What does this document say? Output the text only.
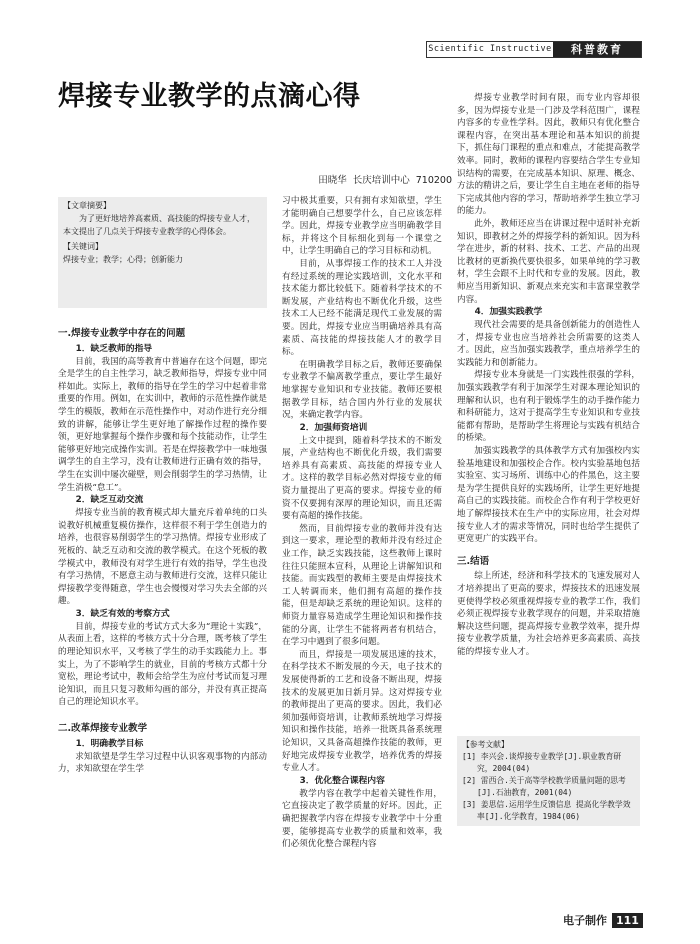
Scientific Instructive	科普教育
焊接专业教学的点滴心得
田晓华 长庆培训中心 710200

【文章摘要】

为了更好地培养高素质、高技能的焊接专业人才，本文提出了几点关于焊接专业教学的心得体会。

【关键词】

焊接专业；教学；心得；创新能力

一.焊接专业教学中存在的问题
1．缺乏教师的指导

目前，我国的高等教育中普遍存在这个问题，即完全是学生的自主性学习，缺乏教师指导，焊接专业中同样如此。实际上，教师的指导在学生的学习中起着非常重要的作用。例如，在实训中，教师的示范性操作就是学生的模版，教师在示范性操作中，对动作进行充分细致的讲解，能够让学生更好地了解操作过程的操作要领，更好地掌握每个操作步骤和每个技能动作，让学生能够更好地完成操作实训。若是在焊接教学中一味地强调学生的自主学习，没有让教师进行正确有效的指导，学生在实训中屡次碰壁，则会削弱学生的学习热情，让学生消极“怠工”。

2．缺乏互动交流

焊接专业当前的教育模式却大量充斥着单纯的口头说教好机械重复模仿操作，这样很不利于学生创造力的培养，也很容易削弱学生的学习热情。焊接专业形成了死板的、缺乏互动和交流的教学模式。在这个死板的教学模式中，教师没有对学生进行有效的指导，学生也没有学习热情，不愿意主动与教师进行交流，这样只能让焊接教学变得随意，学生也会慢慢对学习失去全部的兴趣。

3．缺乏有效的考察方式

目前，焊接专业的考试方式大多为“理论＋实践”，从表面上看，这样的考核方式十分合理，既考核了学生的理论知识水平，又考核了学生的动手实践能力上。事实上，为了不影响学生的就业，目前的考核方式都十分宽松，理论考试中，教师会给学生为应付考试而复习理论知识，而且只复习教师勾画的部分，并没有真正提高自己的理论知识水平。

二.改革焊接专业教学
1．明确教学目标

求知欲望是学生学习过程中认识客观事物的内部动力，求知欲望在学生学

习中极其重要，只有拥有求知欲望，学生才能明确自己想要学什么，自己应该怎样学。因此，焊接专业教学应当明确教学目标，并将这个目标细化到每一个课堂之中，让学生明确自己的学习目标和动机。

目前，从事焊接工作的技术工人并没有经过系统的理论实践培训，文化水平和技术能力都比较低下。随着科学技术的不断发展，产业结构也不断优化升级，这些技术工人已经不能满足现代工业发展的需要。因此，焊接专业应当明确培养具有高素质、高技能的焊接技能人才的教学目标。

在明确教学目标之后，教师还要确保专业教学不偏离教学重点，要让学生最好地掌握专业知识和专业技能。教师还要根据教学目标，结合国内外行业的发展状况，来确定教学内容。

2．加强师资培训

上文中提到，随着科学技术的不断发展，产业结构也不断优化升级，我们需要培养具有高素质、高技能的焊接专业人才。这样的教学目标必然对焊接专业的师资力量提出了更高的要求。焊接专业的师资不仅要拥有深厚的理论知识，而且还需要有高超的操作技能。

然而，目前焊接专业的教师并没有达到这一要求，理论型的教师并没有经过企业工作，缺乏实践技能，这些教师上课时往往只能照本宣科，从理论上讲解知识和技能。而实践型的教师主要是由焊接技术工人转调而来，他们拥有高超的操作技能，但是却缺乏系统的理论知识。这样的师资力量容易造成学生理论知识和操作技能的分离，让学生不能将两者有机结合，在学习中遇到了很多问题。

而且，焊接是一项发展迅速的技术，在科学技术不断发展的今天，电子技术的发展使得新的工艺和设备不断出现，焊接技术的发展更加日新月异。这对焊接专业的教师提出了更高的要求。因此，我们必须加强师资培训，让教师系统地学习焊接知识和操作技能，培养一批既具备系统理论知识，又具备高超操作技能的教师，更好地完成焊接专业教学，培养优秀的焊接专业人才。

3．优化整合课程内容

教学内容在教学中起着关键性作用，它直接决定了教学质量的好坏。因此，正确把握教学内容在焊接专业教学中十分重要，能够提高专业教学的质量和效率，我们必须优化整合课程内容

焊接专业教学时间有限，而专业内容却很多，因为焊接专业是一门涉及学科范围广，课程内容多的专业性学科。因此，教师只有优化整合课程内容，在突出基本理论和基本知识的前提下，抓住每门课程的重点和难点，才能提高教学效率。同时，教师的课程内容要结合学生专业知识结构的需要，在完成基本知识、原理、概念、方法的精讲之后，要让学生自主地在老师的指导下完成其他内容的学习，帮助培养学生独立学习的能力。

此外，教师还应当在讲课过程中适时补充新知识，即教材之外的焊接学科的新知识。因为科学在进步，新的材料、技术、工艺、产品的出现比教材的更新换代要快很多，如果单纯的学习教材，学生会跟不上时代和专业的发展。因此，教师应当用新知识、新观点来充实和丰富课堂教学内容。

4．加强实践教学

现代社会需要的是具备创新能力的创造性人才，焊接专业也应当培养社会所需要的这类人才。因此，应当加强实践教学，重点培养学生的实践能力和创新能力。

焊接专业本身就是一门实践性很强的学科，加强实践教学有利于加深学生对课本理论知识的理解和认识，也有利于锻炼学生的动手操作能力和科研能力，这对于提高学生专业知识和专业技能都有帮助，是帮助学生将理论与实践有机结合的桥梁。

加强实践教学的具体教学方式有加强校内实验基地建设和加强校企合作。校内实验基地包括实验室、实习场所、训练中心的件黑色，这主要是为学生提供良好的实践场所，让学生更好地提高自己的实践技能。而校企合作有利于学校更好地了解焊接技术在生产中的实际应用，社会对焊接专业人才的需求等情况，同时也给学生提供了更宽更广的实践平台。

三.结语

综上所述，经济和科学技术的飞速发展对人才培养提出了更高的要求，焊接技术的迅速发展更使得学校必须重视焊接专业的教学工作，我们必须正视焊接专业教学现存的问题，并采取措施解决这些问题，提高焊接专业教学效率，提升焊接专业教学质量，为社会培养更多高素质、高技能的焊接专业人才。

【参考文献】
[1] 李兴会.谈焊接专业教学[J].职业教育研究，2004(04)
[2] 雷西合.关于高等学校教学质量问题的思考[J].石油教育，2001(04)
[3] 姜思信.运用学生反馈信息 提高化学教学效率[J].化学教育，1984(06)
电子制作 111
